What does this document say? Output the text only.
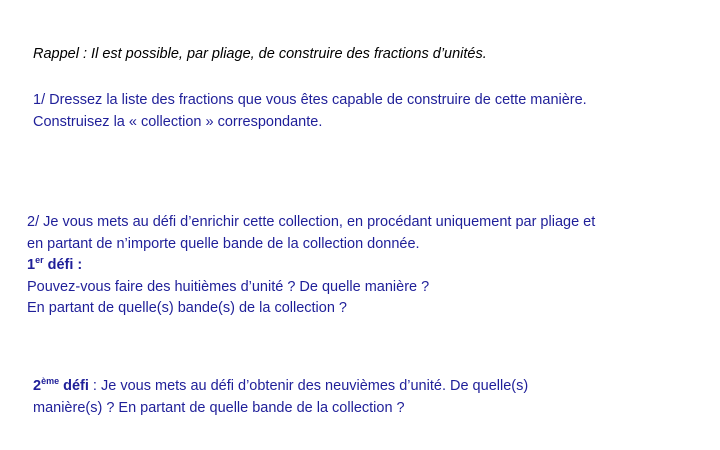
Rappel : Il est possible, par pliage, de construire des fractions d’unités.
1/ Dressez la liste des fractions que vous êtes capable de construire de cette manière.
Construisez la « collection » correspondante.
2/ Je vous mets au défi d’enrichir cette collection, en procédant uniquement par pliage et
en partant de n’importe quelle bande de la collection donnée.
1er défi :
Pouvez-vous faire des huitièmes d’unité ? De quelle manière ?
En partant de quelle(s) bande(s) de la collection ?
2ème défi : Je vous mets au défi d’obtenir des neuvièmes d’unité. De quelle(s)
manière(s) ? En partant de quelle bande de la collection ?
